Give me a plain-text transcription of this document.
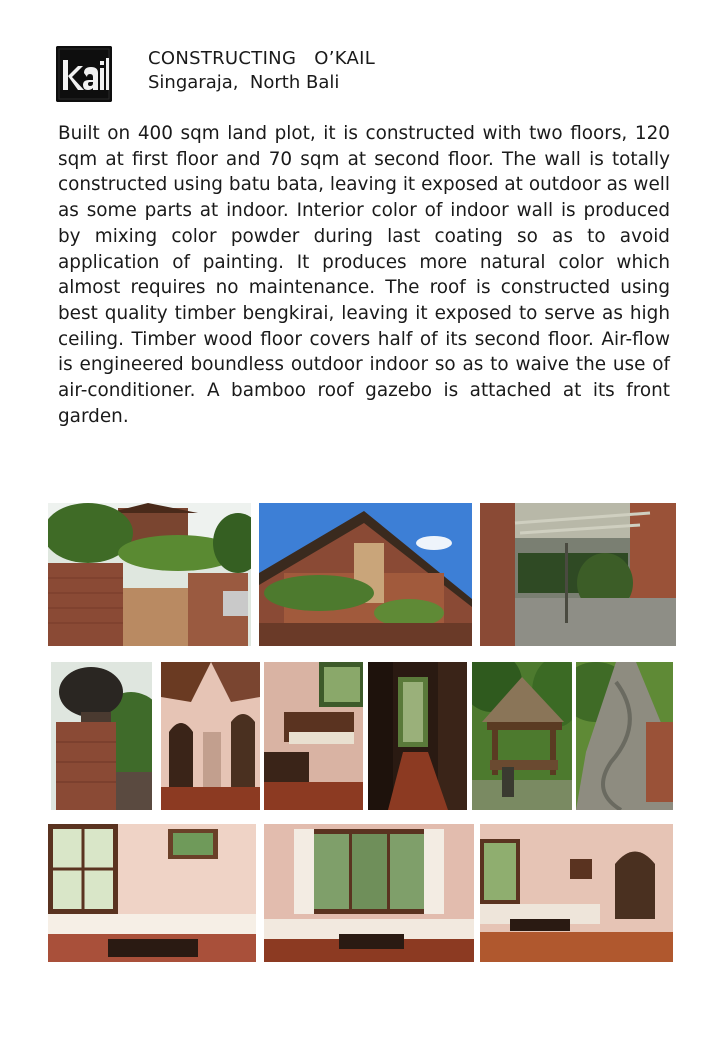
CONSTRUCTING   O’KAIL
Singaraja,  North Bali

Built on 400 sqm land plot, it is constructed with two floors, 120 sqm at first floor and 70 sqm at second floor. The wall is totally constructed using batu bata, leaving it exposed at outdoor as well as some parts at indoor. Interior color of indoor wall is produced by mixing color powder during last coating so as to avoid application of painting. It produces more natural color which almost requires no maintenance. The roof is constructed using best quality timber bengkirai, leaving it exposed to serve as high ceiling. Timber wood floor covers half of its second floor. Air-flow is engineered boundless outdoor indoor so as to waive the use of air-conditioner. A bamboo roof gazebo is attached at its front garden.
